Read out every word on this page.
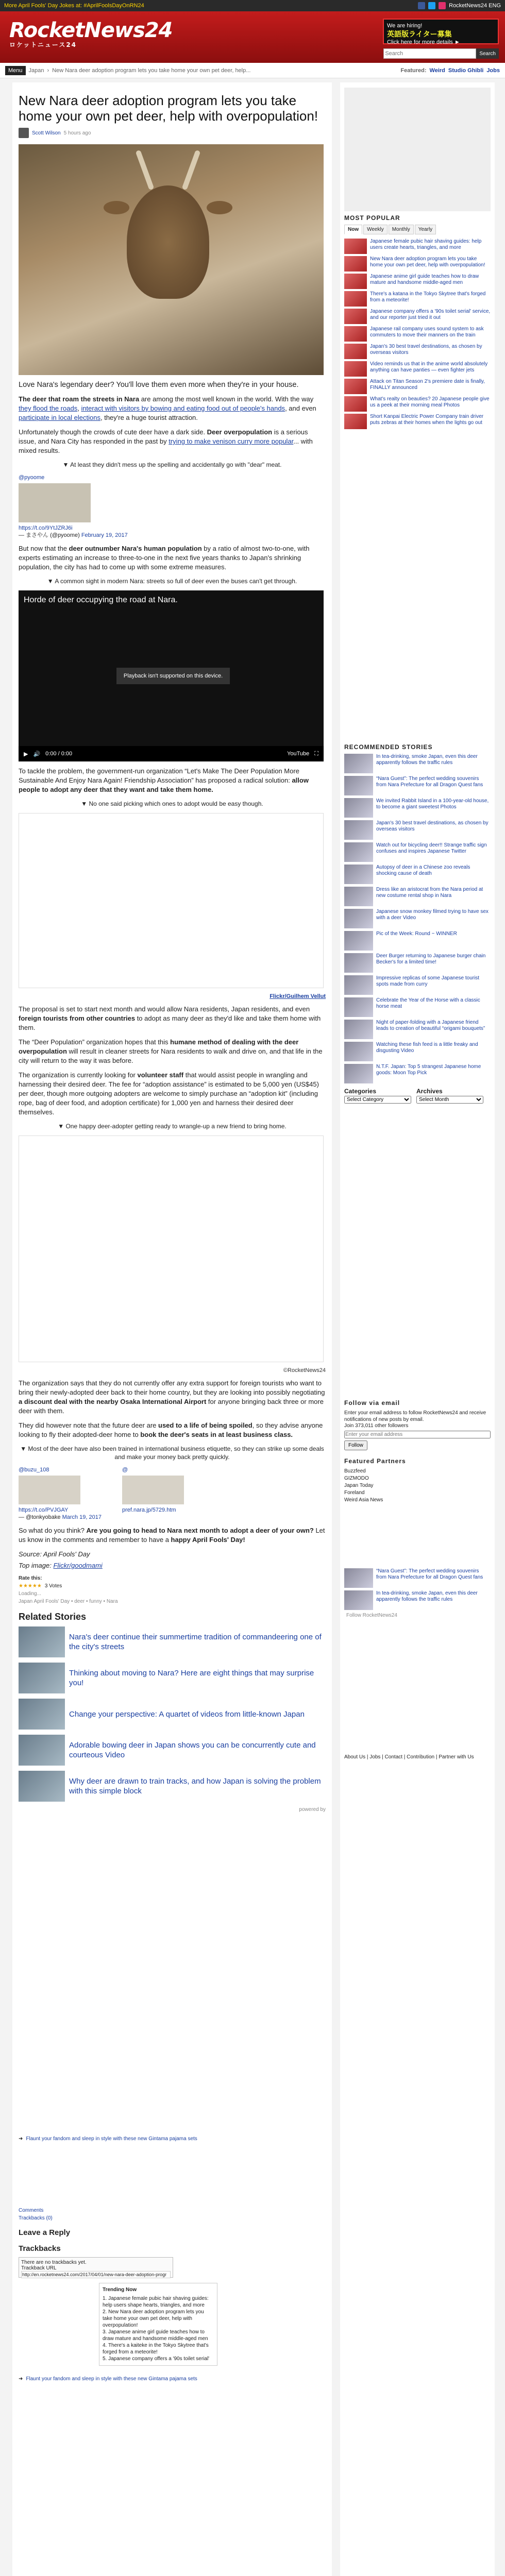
More April Fools' Day Jokes at: #AprilFoolsDayOnRN24	RocketNews24 ENG
RocketNews24
ロケットニュース24
We are hiring!
英語版ライター募集
Click here for more details ►
Search
Search
Menu	Japan › New Nara deer adoption program lets you take home your own pet deer, help...	Featured: Weird Studio Ghibli Jobs
New Nara deer adoption program lets you take home your own pet deer, help with overpopulation!
Scott Wilson 5 hours ago

Love Nara's legendary deer? You'll love them even more when they're in your house.

The deer that roam the streets in Nara are among the most well known in the world. With the way they flood the roads, interact with visitors by bowing and eating food out of people's hands, and even participate in local elections, they're a huge tourist attraction.

Unfortunately though the crowds of cute deer have a dark side. Deer overpopulation is a serious issue, and Nara City has responded in the past by trying to make venison curry more popular... with mixed results.

▼ At least they didn't mess up the spelling and accidentally go with "dear" meat.

@pyoome
https://t.co/9YtJZRJ6i
— まさやん (@pyoome) February 19, 2017

But now that the deer outnumber Nara's human population by a ratio of almost two-to-one, with experts estimating an increase to three-to-one in the next five years thanks to Japan's shrinking population, the city has had to come up with some extreme measures.

▼ A common sight in modern Nara: streets so full of deer even the buses can't get through.

Horde of deer occupying the road at Nara.
Playback isn't supported on this device.
▶ 🔊 0:00 / 0:00	YouTube ⛶

To tackle the problem, the government-run organization “Let's Make The Deer Population More Sustainable And Enjoy Nara Again! Friendship Association” has proposed a radical solution: allow people to adopt any deer that they want and take them home.

▼ No one said picking which ones to adopt would be easy though.

Flickr/Guilhem Vellut

The proposal is set to start next month and would allow Nara residents, Japan residents, and even foreign tourists from other countries to adopt as many deer as they'd like and take them home with them.

The “Deer Population” organization hopes that this humane method of dealing with the deer overpopulation will result in cleaner streets for Nara residents to walk and drive on, and that life in the city will return to the way it was before.

The organization is currently looking for volunteer staff that would assist people in wrangling and harnessing their desired deer. The fee for “adoption assistance” is estimated to be 5,000 yen (US$45) per deer, though more outgoing adopters are welcome to simply purchase an “adoption kit” (including rope, bag of deer food, and adoption certificate) for 1,000 yen and harness their desired deer themselves.

▼ One happy deer-adopter getting ready to wrangle-up a new friend to bring home.

©RocketNews24

The organization says that they do not currently offer any extra support for foreign tourists who want to bring their newly-adopted deer back to their home country, but they are looking into possibly negotiating a discount deal with the nearby Osaka International Airport for anyone bringing back three or more deer with them.

They did however note that the future deer are used to a life of being spoiled, so they advise anyone looking to fly their adopted-deer home to book the deer's seats in at least business class.

▼ Most of the deer have also been trained in international business etiquette, so they can strike up some deals and make your money back pretty quickly.

@buzu_108
https://t.co/PVJGAY
— @tonkyobake March 19, 2017
@
pref.nara.jp/5729.htm

So what do you think? Are you going to head to Nara next month to adopt a deer of your own? Let us know in the comments and remember to have a happy April Fools' Day!

Source: April Fools' Day

Top image: Flickr/goodmami

Rate this:

★★★★★ 3 Votes

Loading...

Japan April Fools' Day • deer • funny • Nara

Related Stories
Nara's deer continue their summertime tradition of commandeering one of the city's streets
Thinking about moving to Nara? Here are eight things that may surprise you!
Change your perspective: A quartet of videos from little-known Japan
Adorable bowing deer in Japan shows you can be concurrently cute and courteous Video
Why deer are drawn to train tracks, and how Japan is solving the problem with this simple block

powered by

➜ Flaunt your fandom and sleep in style with these new Gintama pajama sets

Comments

Trackbacks (0)

Leave a Reply
Trackbacks
There are no trackbacks yet.
Trackback URL
http://en.rocketnews24.com/2017/04/01/new-nara-deer-adoption-progr
Trending Now
1. Japanese female pubic hair shaving guides: help users shape hearts, triangles, and more
2. New Nara deer adoption program lets you take home your own pet deer, help with overpopulation!
3. Japanese anime girl guide teaches how to draw mature and handsome middle-aged men
4. There's a kaiteke in the Tokyo Skytree that's forged from a meteorite!
5. Japanese company offers a '90s toilet serial'
➜ Flaunt your fandom and sleep in style with these new Gintama pajama sets
MOST POPULAR
Now	Weekly	Monthly	Yearly
Japanese female pubic hair shaving guides: help users create hearts, triangles, and more
New Nara deer adoption program lets you take home your own pet deer, help with overpopulation!
Japanese anime girl guide teaches how to draw mature and handsome middle-aged men
There's a katana in the Tokyo Skytree that's forged from a meteorite!
Japanese company offers a '90s toilet serial' service, and our reporter just tried it out
Japanese rail company uses sound system to ask commuters to move their manners on the train
Japan's 30 best travel destinations, as chosen by overseas visitors
Video reminds us that in the anime world absolutely anything can have panties — even fighter jets
Attack on Titan Season 2's premiere date is finally, FINALLY announced
What's realty on beauties? 20 Japanese people give us a peek at their morning meal Photos
Short Kanpai Electric Power Company train driver puts zebras at their homes when the lights go out
RECOMMENDED STORIES
In tea-drinking, smoke Japan, even this deer apparently follows the traffic rules
“Nara Guest”: The perfect wedding souvenirs from Nara Prefecture for all Dragon Quest fans
We invited Rabbit Island in a 100-year-old house, to become a giant sweetest Photos
Japan's 30 best travel destinations, as chosen by overseas visitors
Watch out for bicycling deer!! Strange traffic sign confuses and inspires Japanese Twitter
Autopsy of deer in a Chinese zoo reveals shocking cause of death
Dress like an aristocrat from the Nara period at new costume rental shop in Nara
Japanese snow monkey filmed trying to have sex with a deer Video
Pic of the Week: Round ~ WINNER
Deer Burger returning to Japanese burger chain Becker's for a limited time!
Impressive replicas of some Japanese tourist spots made from curry
Celebrate the Year of the Horse with a classic horse meat
Night of paper-folding with a Japanese friend leads to creation of beautiful “origami bouquets”
Watching these fish feed is a little freaky and disgusting Video
N.T.F. Japan: Top 5 strangest Japanese home goods: Moon Top Pick
Categories

Select Category	Archives

Select Month
Follow via email
Enter your email address to follow RocketNews24 and receive notifications of new posts by email.
Join 373,011 other followers
Enter your email address Follow
Featured Partners
Buzzfeed
GIZMODO
Japan Today
Foreland
Weird Asia News
“Nara Guest”: The perfect wedding souvenirs from Nara Prefecture for all Dragon Quest fans
In tea-drinking, smoke Japan, even this deer apparently follows the traffic rules
Follow RocketNews24
About Us | Jobs | Contact | Contribution | Partner with Us
